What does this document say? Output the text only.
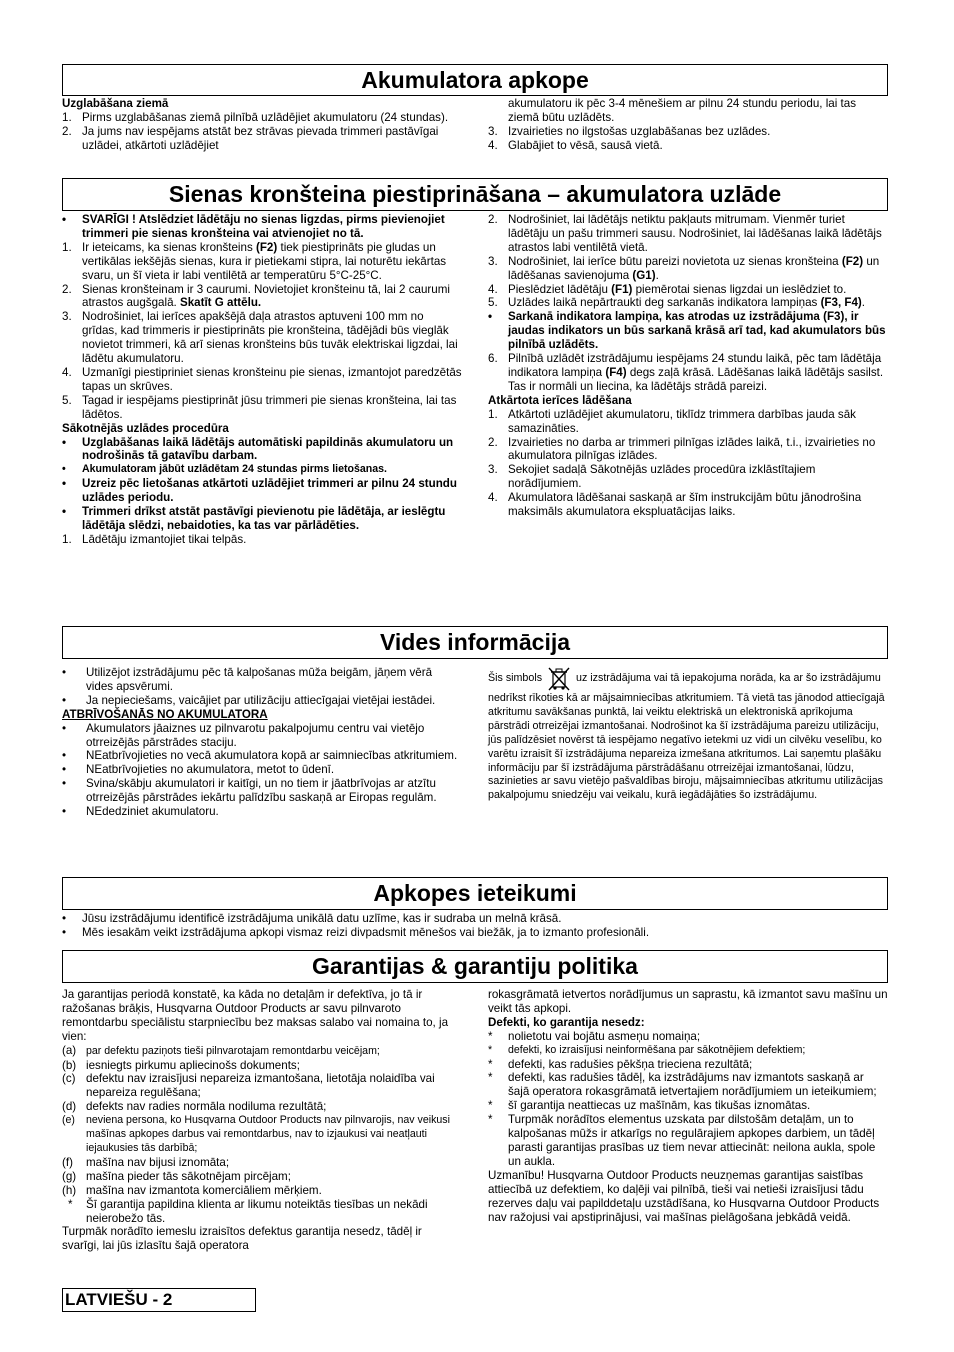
Akumulatora apkope

Uzglabāšana ziemā

1. Pirms uzglabāšanas ziemā pilnībā uzlādējiet akumulatoru (24 stundas).
2. Ja jums nav iespējams atstāt bez strāvas pievada trimmeri pastāvīgai uzlādei, atkārtoti uzlādējiet
akumulatoru ik pēc 3-4 mēnešiem ar pilnu 24 stundu periodu, lai tas ziemā būtu uzlādēts.
3. Izvairieties no ilgstošas uzglabāšanas bez uzlādes.
4. Glabājiet to vēsā, sausā vietā.
Sienas kronšteina piestiprināšana – akumulatora uzlāde
•	SVARĪGI ! Atslēdziet lādētāju no sienas ligzdas, pirms pievienojiet trimmeri pie sienas kronšteina vai atvienojiet no tā.
1. Ir ieteicams, ka sienas kronšteins (F2) tiek piestiprināts pie gludas un vertikālas iekšējās sienas, kura ir pietiekami stipra, lai noturētu iekārtas svaru, un šī vieta ir labi ventilētā ar temperatūru 5°C-25°C.
2. Sienas kronšteinam ir 3 caurumi. Novietojiet kronšteinu tā, lai 2 caurumi atrastos augšgalā. Skatīt G attēlu.
3. Nodrošiniet, lai ierīces apakšējā daļa atrastos aptuveni 100 mm no grīdas, kad trimmeris ir piestiprināts pie kronšteina, tādējādi būs vieglāk novietot trimmeri, kā arī sienas kronšteins būs tuvāk elektriskai ligzdai, lai lādētu akumulatoru.
4. Uzmanīgi piestipriniet sienas kronšteinu pie sienas, izmantojot paredzētās tapas un skrūves.
5. Tagad ir iespējams piestiprināt jūsu trimmeri pie sienas kronšteina, lai tas lādētos.

Sākotnējās uzlādes procedūra

•	Uzglabāšanas laikā lādētājs automātiski papildinās akumulatoru un nodrošinās tā gatavību darbam.
•	Akumulatoram jābūt uzlādētam 24 stundas pirms lietošanas.
•	Uzreiz pēc lietošanas atkārtoti uzlādējiet trimmeri ar pilnu 24 stundu uzlādes periodu.
•	Trimmeri drīkst atstāt pastāvīgi pievienotu pie lādētāja, ar ieslēgtu lādētāja slēdzi, nebaidoties, ka tas var pārlādēties.
1. Lādētāju izmantojiet tikai telpās.
2. Nodrošiniet, lai lādētājs netiktu pakļauts mitrumam. Vienmēr turiet lādētāju un pašu trimmeri sausu. Nodrošiniet, lai lādēšanas laikā lādētājs atrastos labi ventilētā vietā.
3. Nodrošiniet, lai ierīce būtu pareizi novietota uz sienas kronšteina (F2) un lādēšanas savienojuma (G1).
4. Pieslēdziet lādētāju (F1) piemērotai sienas ligzdai un ieslēdziet to.
5. Uzlādes laikā nepārtraukti deg sarkanās indikatora lampiņas (F3, F4).
•	Sarkanā indikatora lampiņa, kas atrodas uz izstrādājuma (F3), ir jaudas indikators un būs sarkanā krāsā arī tad, kad akumulators būs pilnībā uzlādēts.
6. Pilnībā uzlādēt izstrādājumu iespējams 24 stundu laikā, pēc tam lādētāja indikatora lampiņa (F4) degs zaļā krāsā. Lādēšanas laikā lādētājs sasilst. Tas ir normāli un liecina, ka lādētājs strādā pareizi.

Atkārtota ierīces lādēšana

1. Atkārtoti uzlādējiet akumulatoru, tiklīdz trimmera darbības jauda sāk samazināties.
2. Izvairieties no darba ar trimmeri pilnīgas izlādes laikā, t.i., izvairieties no akumulatora pilnīgas izlādes.
3. Sekojiet sadaļā Sākotnējās uzlādes procedūra izklāstītajiem norādījumiem.
4. Akumulatora lādēšanai saskaņā ar šīm instrukcijām būtu jānodrošina maksimāls akumulatora ekspluatācijas laiks.
Vides informācija
•	Utilizējot izstrādājumu pēc tā kalpošanas mūža beigām, jāņem vērā vides apsvērumi.
•	Ja nepieciešams, vaicājiet par utilizāciju attiecīgajai vietējai iestādei.

ATBRĪVOŠANĀS NO AKUMULATORA

•	Akumulators jāaiznes uz pilnvarotu pakalpojumu centru vai vietējo otrreizējās pārstrādes staciju.
•	NEatbrīvojieties no vecā akumulatora kopā ar saimniecības atkritumiem.
•	NEatbrīvojieties no akumulatora, metot to ūdenī.
•	Svina/skābju akumulatori ir kaitīgi, un no tiem ir jāatbrīvojas ar atzītu otrreizējās pārstrādes iekārtu palīdzību saskaņā ar Eiropas regulām.
•	NEdedziniet akumulatoru.

Šis simbols	uz izstrādājuma vai tā iepakojuma norāda, ka ar šo izstrādājumu nedrīkst rīkoties kā ar mājsaimniecības atkritumiem. Tā vietā tas jānodod attiecīgajā atkritumu savākšanas punktā, lai veiktu elektriskā un elektroniskā aprīkojuma pārstrādi otrreizējai izmantošanai. Nodrošinot ka šī izstrādājuma pareizu utilizāciju, jūs palīdzēsiet novērst tā iespējamo negatīvo ietekmi uz vidi un cilvēku veselību, ko varētu izraisīt šī izstrādājuma nepareiza izmešana atkritumos. Lai saņemtu plašāku informāciju par šī izstrādājuma pārstrādāšanu otrreizējai izmantošanai, lūdzu, sazinieties ar savu vietējo pašvaldības biroju, mājsaimniecības atkritumu utilizācijas pakalpojumu sniedzēju vai veikalu, kurā iegādājāties šo izstrādājumu.

Apkopes ieteikumi
•	Jūsu izstrādājumu identificē izstrādājuma unikālā datu uzlīme, kas ir sudraba un melnā krāsā.
•	Mēs iesakām veikt izstrādājuma apkopi vismaz reizi divpadsmit mēnešos vai biežāk, ja to izmanto profesionāli.
Garantijas & garantiju politika

Ja garantijas periodā konstatē, ka kāda no detaļām ir defektīva, jo tā ir ražošanas brāķis, Husqvarna Outdoor Products ar savu pilnvaroto remontdarbu speciālistu starpniecību bez maksas salabo vai nomaina to, ja vien:

(a) par defektu paziņots tieši pilnvarotajam remontdarbu veicējam;
(b) iesniegts pirkumu apliecinošs dokuments;
(c) defektu nav izraisījusi nepareiza izmantošana, lietotāja nolaidība vai nepareiza regulēšana;
(d) defekts nav radies normāla nodiluma rezultātā;
(e)	neviena persona, ko Husqvarna Outdoor Products nav pilnvarojis, nav veikusi mašīnas apkopes darbus vai remontdarbus, nav to izjaukusi vai neatļauti iejaukusies tās darbībā;
(f)	mašīna nav bijusi iznomāta;
(g) mašīna pieder tās sākotnējam pircējam;
(h) mašīna nav izmantota komerciāliem mērķiem.
*	Šī garantija papildina klienta ar likumu noteiktās tiesības un nekādi neierobežo tās.

Turpmāk norādīto iemeslu izraisītos defektus garantija nesedz, tādēļ ir svarīgi, lai jūs izlasītu šajā operatora

rokasgrāmatā ietvertos norādījumus un saprastu, kā izmantot savu mašīnu un veikt tās apkopi.

Defekti, ko garantija nesedz:

*	nolietotu vai bojātu asmeņu nomaiņa;
*	defekti, ko izraisījusi neinformēšana par sākotnējiem defektiem;
*	defekti, kas radušies pēkšņa trieciena rezultātā;
*	defekti, kas radušies tādēļ, ka izstrādājums nav izmantots saskaņā ar šajā operatora rokasgrāmatā ietvertajiem norādījumiem un ieteikumiem;
*	šī garantija neattiecas uz mašīnām, kas tikušas iznomātas.
*	Turpmāk norādītos elementus uzskata par dilstošām detaļām, un to kalpošanas mūžs ir atkarīgs no regulārajiem apkopes darbiem, un tādēļ parasti garantijas prasības uz tiem nevar attiecināt: neilona aukla, spole un aukla.

Uzmanību! Husqvarna Outdoor Products neuzņemas garantijas saistības attiecībā uz defektiem, ko daļēji vai pilnībā, tieši vai netieši izraisījusi tādu rezerves daļu vai papilddetaļu uzstādīšana, ko Husqvarna Outdoor Products nav ražojusi vai apstiprinājusi, vai mašīnas pielāgošana jebkādā veidā.

LATVIEŠU - 2
